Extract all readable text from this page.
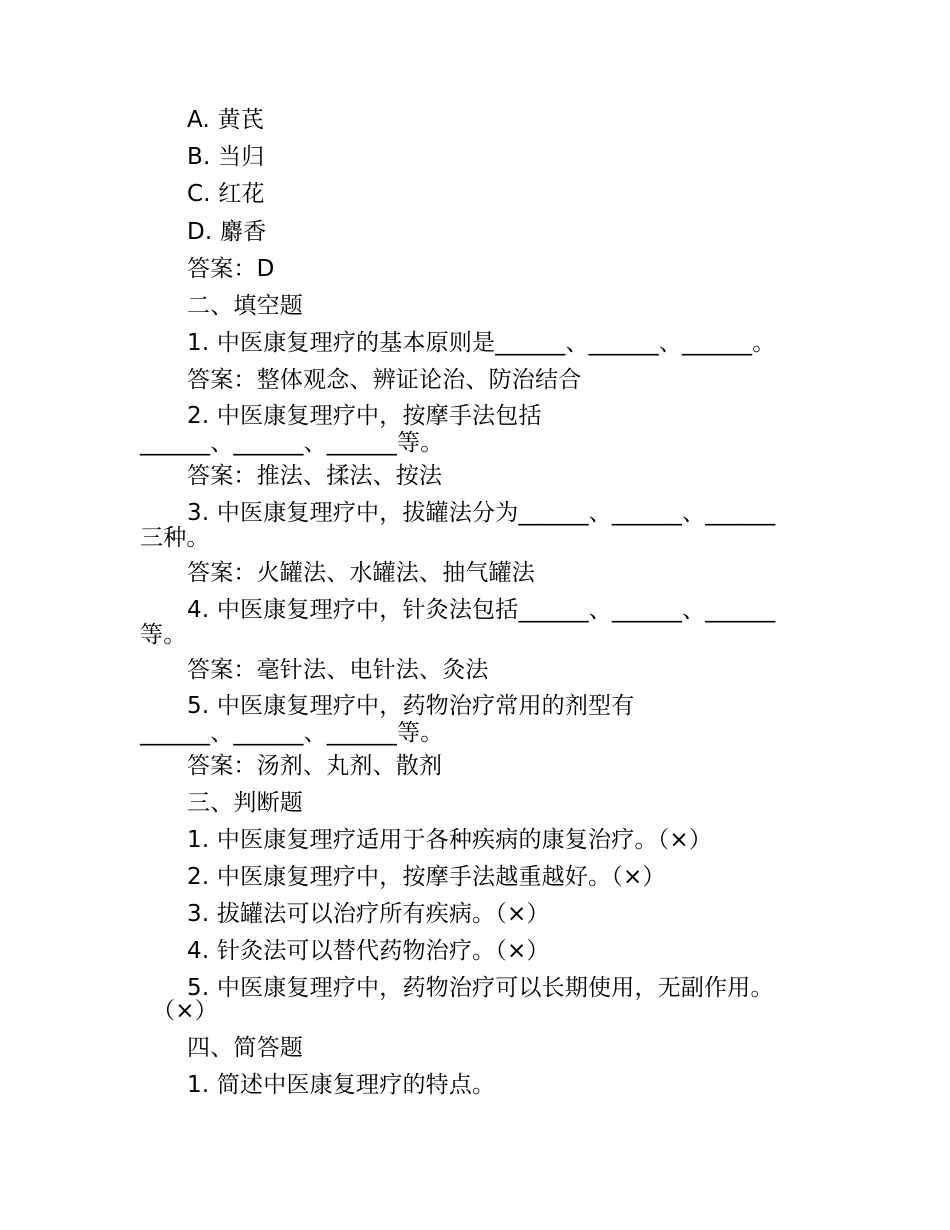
A. 黄芪
B. 当归
C. 红花
D. 麝香
答案：D
二、填空题
1. 中医康复理疗的基本原则是______、______、______。
答案：整体观念、辨证论治、防治结合
2. 中医康复理疗中，按摩手法包括
______、______、______等。
答案：推法、揉法、按法
3. 中医康复理疗中，拔罐法分为______、______、______
三种。
答案：火罐法、水罐法、抽气罐法
4. 中医康复理疗中，针灸法包括______、______、______
等。
答案：毫针法、电针法、灸法
5. 中医康复理疗中，药物治疗常用的剂型有
______、______、______等。
答案：汤剂、丸剂、散剂
三、判断题
1. 中医康复理疗适用于各种疾病的康复治疗。（×）
2. 中医康复理疗中，按摩手法越重越好。（×）
3. 拔罐法可以治疗所有疾病。（×）
4. 针灸法可以替代药物治疗。（×）
5. 中医康复理疗中，药物治疗可以长期使用，无副作用。
（×）
四、简答题
1. 简述中医康复理疗的特点。
